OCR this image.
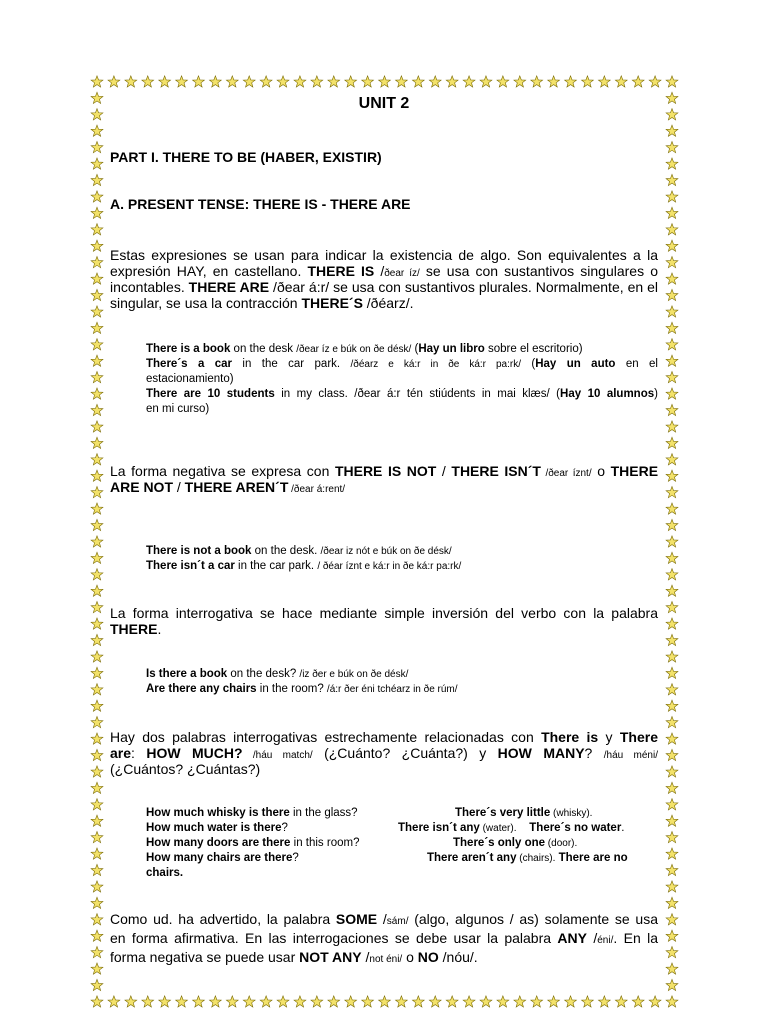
UNIT 2
PART I. THERE TO BE (HABER, EXISTIR)
A. PRESENT TENSE: THERE IS - THERE ARE
Estas expresiones se usan para indicar la existencia de algo. Son equivalentes a la
expresión HAY, en castellano. THERE IS /ðear íz/ se usa con sustantivos singulares o
incontables. THERE ARE /ðear á:r/ se usa con sustantivos plurales. Normalmente, en el
singular, se usa la contracción THERE´S /ðéarz/.
There is a book on the desk /ðear íz e búk on ðe désk/ (Hay un libro sobre el escritorio)
There´s a car in the car park. /ðéarz e ká:r in ðe ká:r pa:rk/ (Hay un auto en el
estacionamiento)
There are 10 students in my class. /ðear á:r tén stiúdents in mai klæs/ (Hay 10 alumnos)
en mi curso)
La forma negativa se expresa con THERE IS NOT / THERE ISN´T /ðear íznt/ o THERE
ARE NOT / THERE AREN´T /ðear á:rent/
There is not a book on the desk. /ðear iz nót e búk on ðe désk/
There isn´t a car in the car park. / ðéar íznt e ká:r in ðe ká:r pa:rk/
La forma interrogativa se hace mediante simple inversión del verbo con la palabra
THERE.
Is there a book on the desk? /iz ðer e búk on ðe désk/
Are there any chairs in the room? /á:r ðer éni tchéarz in ðe rúm/
Hay dos palabras interrogativas estrechamente relacionadas con There is y There
are: HOW MUCH? /háu match/ (¿Cuánto? ¿Cuánta?) y HOW MANY? /háu méni/
(¿Cuántos? ¿Cuántas?)
How much whisky is there in the glass?
How much water is there?
How many doors are there in this room?
How many chairs are there?
chairs.
There´s very little (whisky).
There isn´t any (water). There´s no water.
There´s only one (door).
There aren´t any (chairs). There are no
Como ud. ha advertido, la palabra SOME /sám/ (algo, algunos / as) solamente se usa
en forma afirmativa. En las interrogaciones se debe usar la palabra ANY /éni/. En la
forma negativa se puede usar NOT ANY /not éni/ o NO /nóu/.
